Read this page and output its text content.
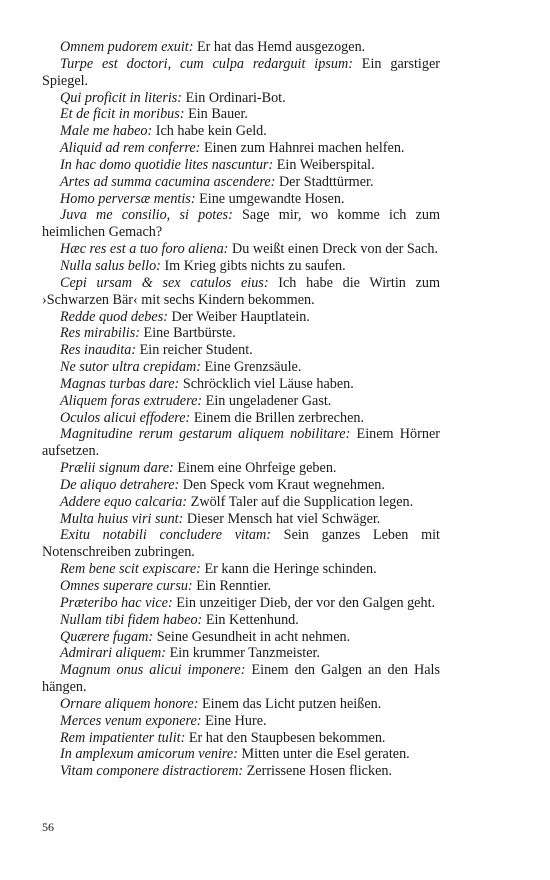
Omnem pudorem exuit: Er hat das Hemd ausgezogen.

Turpe est doctori, cum culpa redarguit ipsum: Ein garstiger Spiegel.

Qui proficit in literis: Ein Ordinari-Bot.

Et de ficit in moribus: Ein Bauer.

Male me habeo: Ich habe kein Geld.

Aliquid ad rem conferre: Einen zum Hahnrei machen helfen.

In hac domo quotidie lites nascuntur: Ein Weiberspital.

Artes ad summa cacumina ascendere: Der Stadttürmer.

Homo perversæ mentis: Eine umgewandte Hosen.

Juva me consilio, si potes: Sage mir, wo komme ich zum heimlichen Gemach?

Hæc res est a tuo foro aliena: Du weißt einen Dreck von der Sach.

Nulla salus bello: Im Krieg gibts nichts zu saufen.

Cepi ursam & sex catulos eius: Ich habe die Wirtin zum ›Schwarzen Bär‹ mit sechs Kindern bekommen.

Redde quod debes: Der Weiber Hauptlatein.

Res mirabilis: Eine Bartbürste.

Res inaudita: Ein reicher Student.

Ne sutor ultra crepidam: Eine Grenzsäule.

Magnas turbas dare: Schröcklich viel Läuse haben.

Aliquem foras extrudere: Ein ungeladener Gast.

Oculos alicui effodere: Einem die Brillen zerbrechen.

Magnitudine rerum gestarum aliquem nobilitare: Einem Hörner aufsetzen.

Prælii signum dare: Einem eine Ohrfeige geben.

De aliquo detrahere: Den Speck vom Kraut wegnehmen.

Addere equo calcaria: Zwölf Taler auf die Supplication legen.

Multa huius viri sunt: Dieser Mensch hat viel Schwäger.

Exitu notabili concludere vitam: Sein ganzes Leben mit Notenschreiben zubringen.

Rem bene scit expiscare: Er kann die Heringe schinden.

Omnes superare cursu: Ein Renntier.

Præteribo hac vice: Ein unzeitiger Dieb, der vor den Galgen geht.

Nullam tibi fidem habeo: Ein Kettenhund.

Quærere fugam: Seine Gesundheit in acht nehmen.

Admirari aliquem: Ein krummer Tanzmeister.

Magnum onus alicui imponere: Einem den Galgen an den Hals hängen.

Ornare aliquem honore: Einem das Licht putzen heißen.

Merces venum exponere: Eine Hure.

Rem impatienter tulit: Er hat den Staupbesen bekommen.

In amplexum amicorum venire: Mitten unter die Esel geraten.

Vitam componere distractiorem: Zerrissene Hosen flicken.

56
